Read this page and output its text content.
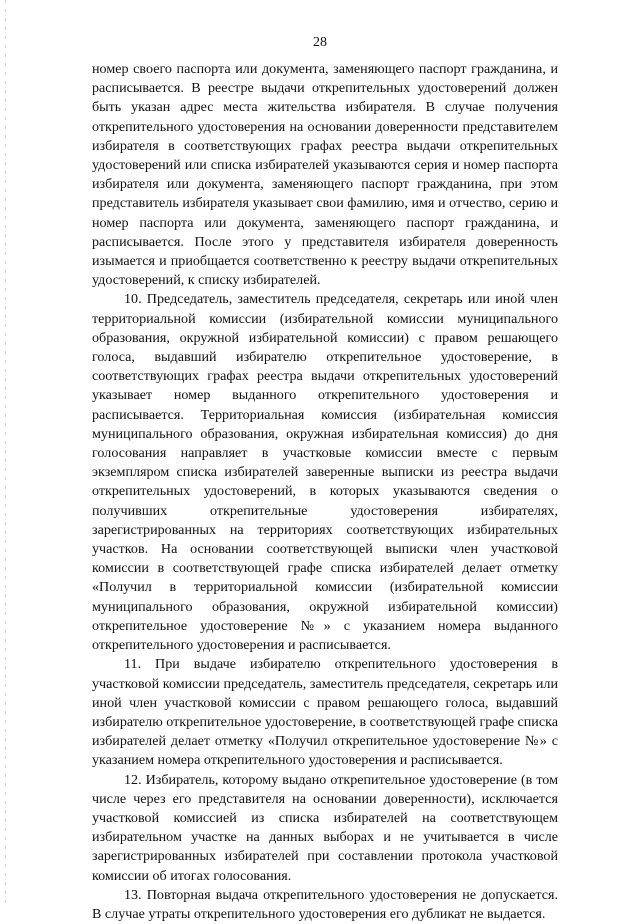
28

номер своего паспорта или документа, заменяющего паспорт гражданина, и расписывается. В реестре выдачи открепительных удостоверений должен быть указан адрес места жительства избирателя. В случае получения открепительного удостоверения на основании доверенности представителем избирателя в соответствующих графах реестра выдачи открепительных удостоверений или списка избирателей указываются серия и номер паспорта избирателя или документа, заменяющего паспорт гражданина, при этом представитель избирателя указывает свои фамилию, имя и отчество, серию и номер паспорта или документа, заменяющего паспорт гражданина, и расписывается. После этого у представителя избирателя доверенность изымается и приобщается соответственно к реестру выдачи открепительных удостоверений, к списку избирателей.

10. Председатель, заместитель председателя, секретарь или иной член территориальной комиссии (избирательной комиссии муниципального образования, окружной избирательной комиссии) с правом решающего голоса, выдавший избирателю открепительное удостоверение, в соответствующих графах реестра выдачи открепительных удостоверений указывает номер выданного открепительного удостоверения и расписывается. Территориальная комиссия (избирательная комиссия муниципального образования, окружная избирательная комиссия) до дня голосования направляет в участковые комиссии вместе с первым экземпляром списка избирателей заверенные выписки из реестра выдачи открепительных удостоверений, в которых указываются сведения о получивших открепительные удостоверения избирателях, зарегистрированных на территориях соответствующих избирательных участков. На основании соответствующей выписки член участковой комиссии в соответствующей графе списка избирателей делает отметку «Получил в территориальной комиссии (избирательной комиссии муниципального образования, окружной избирательной комиссии) открепительное удостоверение №» с указанием номера выданного открепительного удостоверения и расписывается.

11. При выдаче избирателю открепительного удостоверения в участковой комиссии председатель, заместитель председателя, секретарь или иной член участковой комиссии с правом решающего голоса, выдавший избирателю открепительное удостоверение, в соответствующей графе списка избирателей делает отметку «Получил открепительное удостоверение №» с указанием номера открепительного удостоверения и расписывается.

12. Избиратель, которому выдано открепительное удостоверение (в том числе через его представителя на основании доверенности), исключается участковой комиссией из списка избирателей на соответствующем избирательном участке на данных выборах и не учитывается в числе зарегистрированных избирателей при составлении протокола участковой комиссии об итогах голосования.

13. Повторная выдача открепительного удостоверения не допускается. В случае утраты открепительного удостоверения его дубликат не выдается.
